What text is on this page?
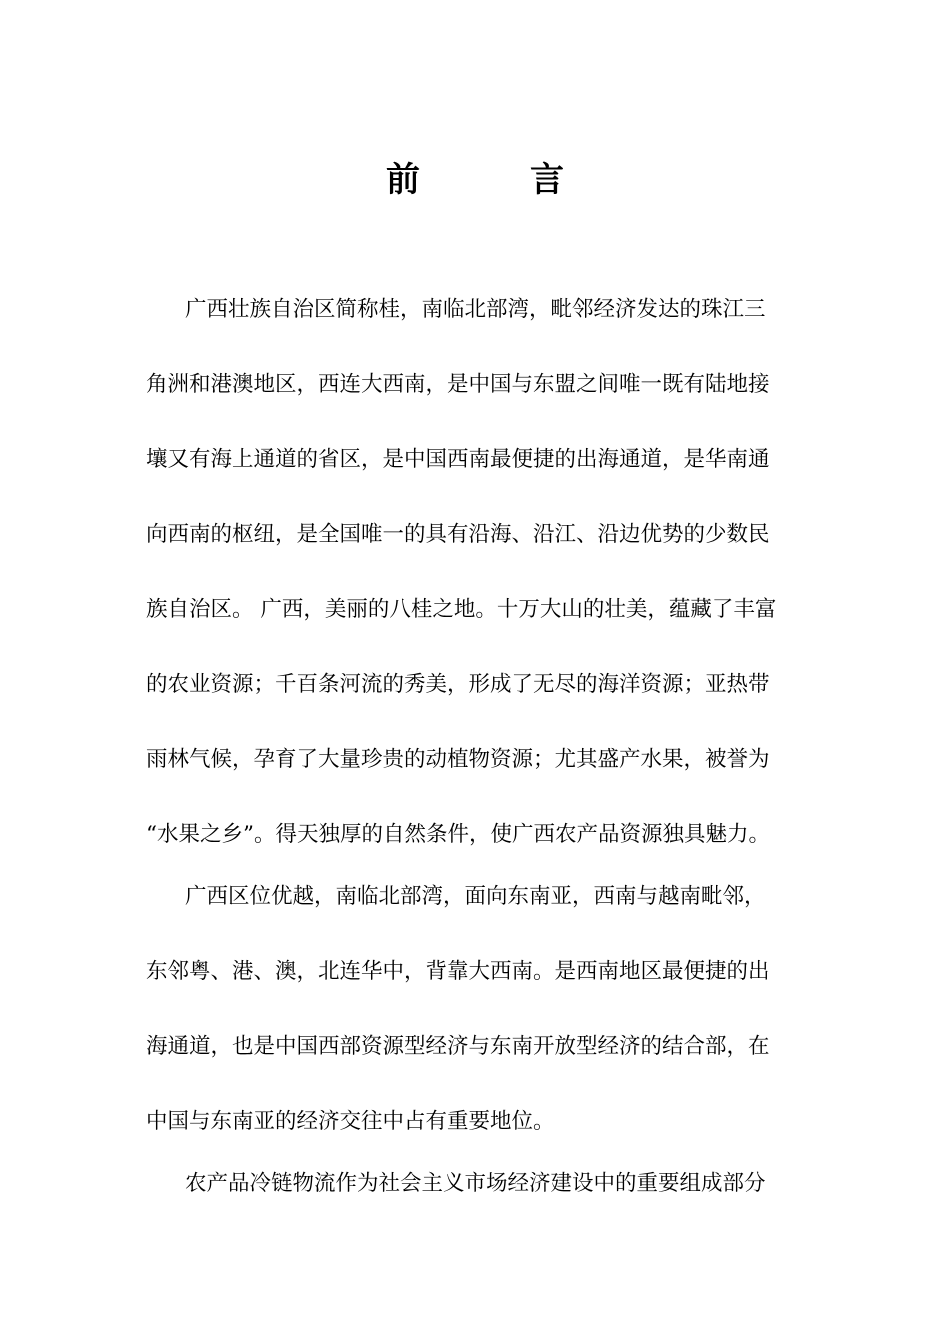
前　言

广西壮族自治区简称桂，南临北部湾，毗邻经济发达的珠江三

角洲和港澳地区，西连大西南，是中国与东盟之间唯一既有陆地接

壤又有海上通道的省区，是中国西南最便捷的出海通道，是华南通

向西南的枢纽，是全国唯一的具有沿海、沿江、沿边优势的少数民

族自治区。 广西，美丽的八桂之地。十万大山的壮美，蕴藏了丰富

的农业资源；千百条河流的秀美，形成了无尽的海洋资源；亚热带

雨林气候，孕育了大量珍贵的动植物资源；尤其盛产水果，被誉为

“水果之乡”。得天独厚的自然条件，使广西农产品资源独具魅力。

广西区位优越，南临北部湾，面向东南亚，西南与越南毗邻，

东邻粤、港、澳，北连华中，背靠大西南。是西南地区最便捷的出

海通道，也是中国西部资源型经济与东南开放型经济的结合部，在

中国与东南亚的经济交往中占有重要地位。

农产品冷链物流作为社会主义市场经济建设中的重要组成部分
